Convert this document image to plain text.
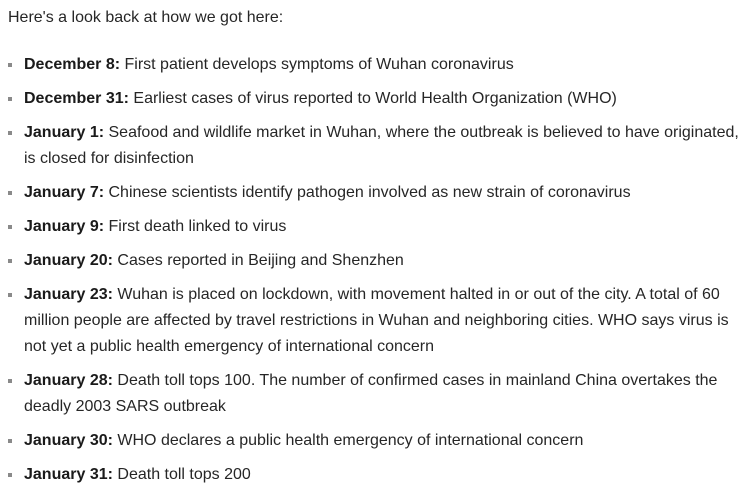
Here's a look back at how we got here:

December 8: First patient develops symptoms of Wuhan coronavirus
December 31: Earliest cases of virus reported to World Health Organization (WHO)
January 1: Seafood and wildlife market in Wuhan, where the outbreak is believed to have originated, is closed for disinfection
January 7: Chinese scientists identify pathogen involved as new strain of coronavirus
January 9: First death linked to virus
January 20: Cases reported in Beijing and Shenzhen
January 23: Wuhan is placed on lockdown, with movement halted in or out of the city. A total of 60 million people are affected by travel restrictions in Wuhan and neighboring cities. WHO says virus is not yet a public health emergency of international concern
January 28: Death toll tops 100. The number of confirmed cases in mainland China overtakes the deadly 2003 SARS outbreak
January 30: WHO declares a public health emergency of international concern
January 31: Death toll tops 200
